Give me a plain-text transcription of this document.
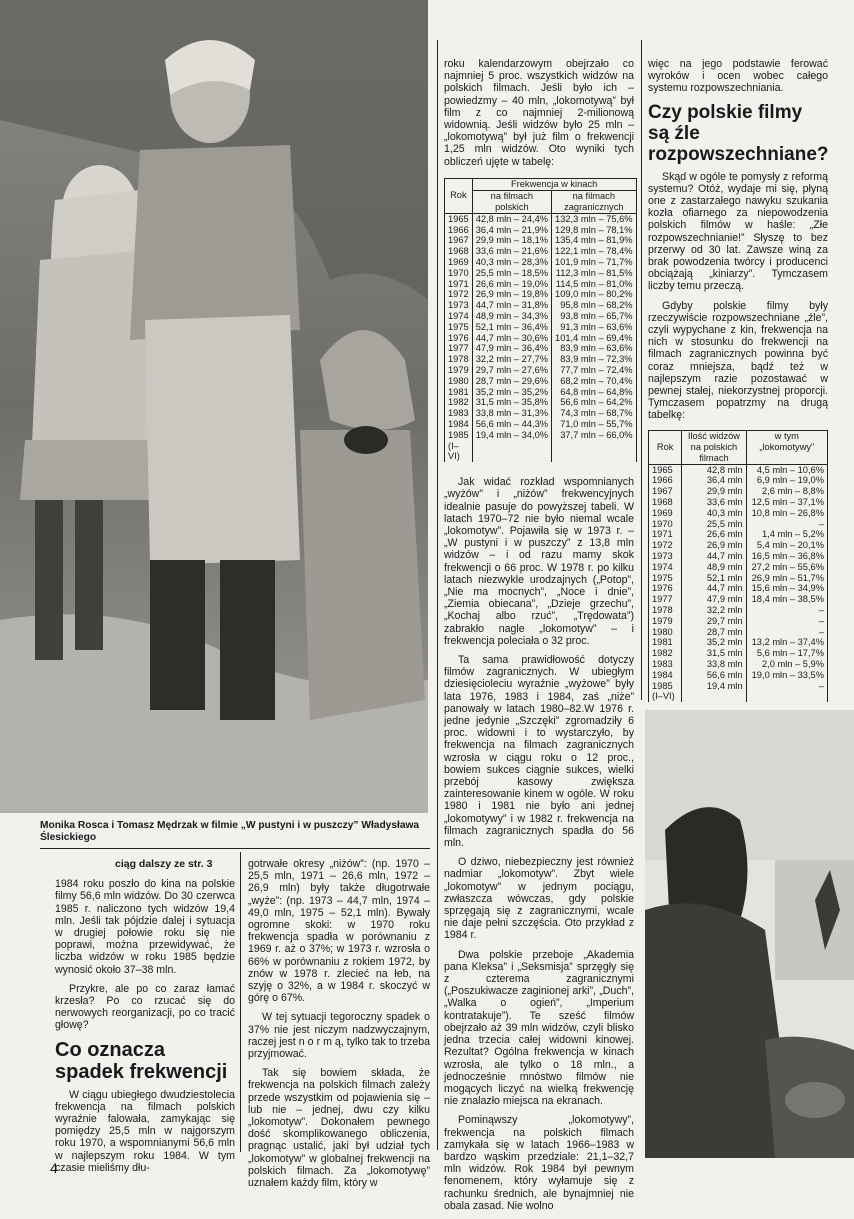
Monika Rosca i Tomasz Mędrzak w filmie „W pustyni i w puszczy” Władysława Ślesickiego
ciąg dalszy ze str. 3

1984 roku poszło do kina na polskie filmy 56,6 mln widzów. Do 30 czerwca 1985 r. naliczono tych widzów 19,4 mln. Jeśli tak pójdzie dalej i sytuacja w drugiej połowie roku się nie poprawi, można przewidywać, że liczba widzów w roku 1985 będzie wynosić około 37–38 mln.

Przykre, ale po co zaraz łamać krzesła? Po co rzucać się do nerwowych reorganizacji, po co tracić głowę?

Co oznacza spadek frekwencji

W ciągu ubiegłego dwudziestolecia frekwencja na filmach polskich wyraźnie falowała, zamykając się pomiędzy 25,5 mln w najgorszym roku 1970, a wspomnianymi 56,6 mln w najlepszym roku 1984. W tym czasie mieliśmy dłu-

gotrwałe okresy „niżów”: (np. 1970 – 25,5 mln, 1971 – 26,6 mln, 1972 – 26,9 mln) były także długotrwałe „wyże”: (np. 1973 – 44,7 mln, 1974 – 49,0 mln, 1975 – 52,1 mln). Bywały ogromne skoki: w 1970 roku frekwencja spadła w porównaniu z 1969 r. aż o 37%; w 1973 r. wzrosła o 66% w porównaniu z rokiem 1972, by znów w 1978 r. zlecieć na łeb, na szyję o 32%, a w 1984 r. skoczyć w górę o 67%.

W tej sytuacji tegoroczny spadek o 37% nie jest niczym nadzwyczajnym, raczej jest n o r m ą, tylko tak to trzeba przyjmować.

Tak się bowiem składa, że frekwencja na polskich filmach zależy przede wszystkim od pojawienia się – lub nie – jednej, dwu czy kilku „lokomotyw”. Dokonałem pewnego dość skomplikowanego obliczenia, pragnąc ustalić, jaki był udział tych „lokomotyw” w globalnej frekwencji na polskich filmach. Za „lokomotywę” uznałem każdy film, który w

roku kalendarzowym obejrzało co najmniej 5 proc. wszystkich widzów na polskich filmach. Jeśli było ich – powiedzmy – 40 mln, „lokomotywą” był film z co najmniej 2-milionową widownią. Jeśli widzów było 25 mln – „lokomotywą” był już film o frekwencji 1,25 mln widzów. Oto wyniki tych obliczeń ujęte w tabelę:

Rok	Frekwencja w kinach	
	na filmach polskich	na filmach zagranicznych
1965	42,8 mln – 24,4%	132,3 mln – 75,6%
1966	36,4 mln – 21,9%	129,8 mln – 78,1%
1967	29,9 mln – 18,1%	135,4 mln – 81,9%
1968	33,6 mln – 21,6%	122,1 mln – 78,4%
1969	40,3 mln – 28,3%	101,9 mln – 71,7%
1970	25,5 mln – 18,5%	112,3 mln – 81,5%
1971	26,6 mln – 19,0%	114,5 mln – 81,0%
1972	26,9 mln – 19,8%	109,0 mln – 80,2%
1973	44,7 mln – 31,8%	95,8 mln – 68,2%
1974	48,9 mln – 34,3%	93,8 mln – 65,7%
1975	52,1 mln – 36,4%	91,3 mln – 63,6%
1976	44,7 mln – 30,6%	101,4 mln – 69,4%
1977	47,9 mln – 36,4%	83,9 mln – 63,6%
1978	32,2 mln – 27,7%	83,9 mln – 72,3%
1979	29,7 mln – 27,6%	77,7 mln – 72,4%
1980	28,7 mln – 29,6%	68,2 mln – 70,4%
1981	35,2 mln – 35,2%	64,8 mln – 64,8%
1982	31,5 mln – 35,8%	56,6 mln – 64,2%
1983	33,8 mln – 31,3%	74,3 mln – 68,7%
1984	56,6 mln – 44,3%	71,0 mln – 55,7%
1985 (I–VI)	19,4 mln – 34,0%	37,7 mln – 66,0%

Jak widać rozkład wspomnianych „wyżów” i „niżów” frekwencyjnych idealnie pasuje do powyższej tabeli. W latach 1970–72 nie było niemal wcale „lokomotyw”. Pojawiła się w 1973 r. – „W pustyni i w puszczy” z 13,8 mln widzów – i od razu mamy skok frekwencji o 66 proc. W 1978 r. po kilku latach niezwykle urodzajnych („Potop”, „Nie ma mocnych”, „Noce i dnie”, „Ziemia obiecana”, „Dzieje grzechu”, „Kochaj albo rzuć”, „Trędowata”) zabrakło nagle „lokomotyw” – i frekwencja poleciała o 32 proc.

Ta sama prawidłowość dotyczy filmów zagranicznych. W ubiegłym dziesięcioleciu wyraźnie „wyżowe” były lata 1976, 1983 i 1984, zaś „niże” panowały w latach 1980–82.W 1976 r. jedne jedynie „Szczęki” zgromadziły 6 proc. widowni i to wystarczyło, by frekwencja na filmach zagranicznych wzrosła w ciągu roku o 12 proc., bowiem sukces ciągnie sukces, wielki przebój kasowy zwiększa zainteresowanie kinem w ogóle. W roku 1980 i 1981 nie było ani jednej „lokomotywy” i w 1982 r. frekwencja na filmach zagranicznych spadła do 56 mln.

O dziwo, niebezpieczny jest również nadmiar „lokomotyw”. Zbyt wiele „lokomotyw” w jednym pociągu, zwłaszcza wówczas, gdy polskie sprzęgają się z zagranicznymi, wcale nie daje pełni szczęścia. Oto przykład z 1984 r.

Dwa polskie przeboje „Akademia pana Kleksa” i „Seksmisja” sprzęgły się z czterema zagranicznymi („Poszukiwacze zaginionej arki”, „Duch”, „Walka o ogień”, „Imperium kontratakuje”). Te sześć filmów obejrzało aż 39 mln widzów, czyli blisko jedna trzecia całej widowni kinowej. Rezultat? Ogólna frekwencja w kinach wzrosła, ale tylko o 18 mln., a jednocześnie mnóstwo filmów nie mogących liczyć na wielką frekwencję nie znalazło miejsca na ekranach.

Pominąwszy „lokomotywy”, frekwencja na polskich filmach zamykała się w latach 1966–1983 w bardzo wąskim przedziale: 21,1–32,7 mln widzów. Rok 1984 był pewnym fenomenem, który wyłamuje się z rachunku średnich, ale bynajmniej nie obala zasad. Nie wolno

więc na jego podstawie ferować wyroków i ocen wobec całego systemu rozpowszechniania.

Czy polskie filmy są źle rozpowszechniane?

Skąd w ogóle te pomysły z reformą systemu? Otóż, wydaje mi się, płyną one z zastarzałego nawyku szukania kozła ofiarnego za niepowodzenia polskich filmów w haśle: „Złe rozpowszechnianie!” Słyszę to bez przerwy od 30 lat. Zawsze winą za brak powodzenia twórcy i producenci obciążają „kiniarzy”. Tymczasem liczby temu przeczą.

Gdyby polskie filmy były rzeczywiście rozpowszechniane „źle”, czyli wypychane z kin, frekwencja na nich w stosunku do frekwencji na filmach zagranicznych powinna być coraz mniejsza, bądź też w najlepszym razie pozostawać w pewnej stałej, niekorzystnej proporcji. Tymczasem popatrzmy na drugą tabelkę:

Rok	Ilość widzów na polskich filmach	w tym „lokomotywy”
1965	42,8 mln	4,5 mln – 10,6%
1966	36,4 mln	6,9 mln – 19,0%
1967	29,9 mln	2,6 mln – 8,8%
1968	33,6 mln	12,5 mln – 37,1%
1969	40,3 mln	10,8 mln – 26,8%
1970	25,5 mln	–
1971	26,6 mln	1,4 mln – 5,2%
1972	26,9 mln	5,4 mln – 20,1%
1973	44,7 mln	16,5 mln – 36,8%
1974	48,9 mln	27,2 mln – 55,6%
1975	52,1 mln	26,9 mln – 51,7%
1976	44,7 mln	15,6 mln – 34,9%
1977	47,9 mln	18,4 mln – 38,5%
1978	32,2 mln	–
1979	29,7 mln	–
1980	28,7 mln	–
1981	35,2 mln	13,2 mln – 37,4%
1982	31,5 mln	5,6 mln – 17,7%
1983	33,8 mln	2,0 mln – 5,9%
1984	56,6 mln	19,0 mln – 33,5%
1985 (I–VI)	19,4 mln	–
4
